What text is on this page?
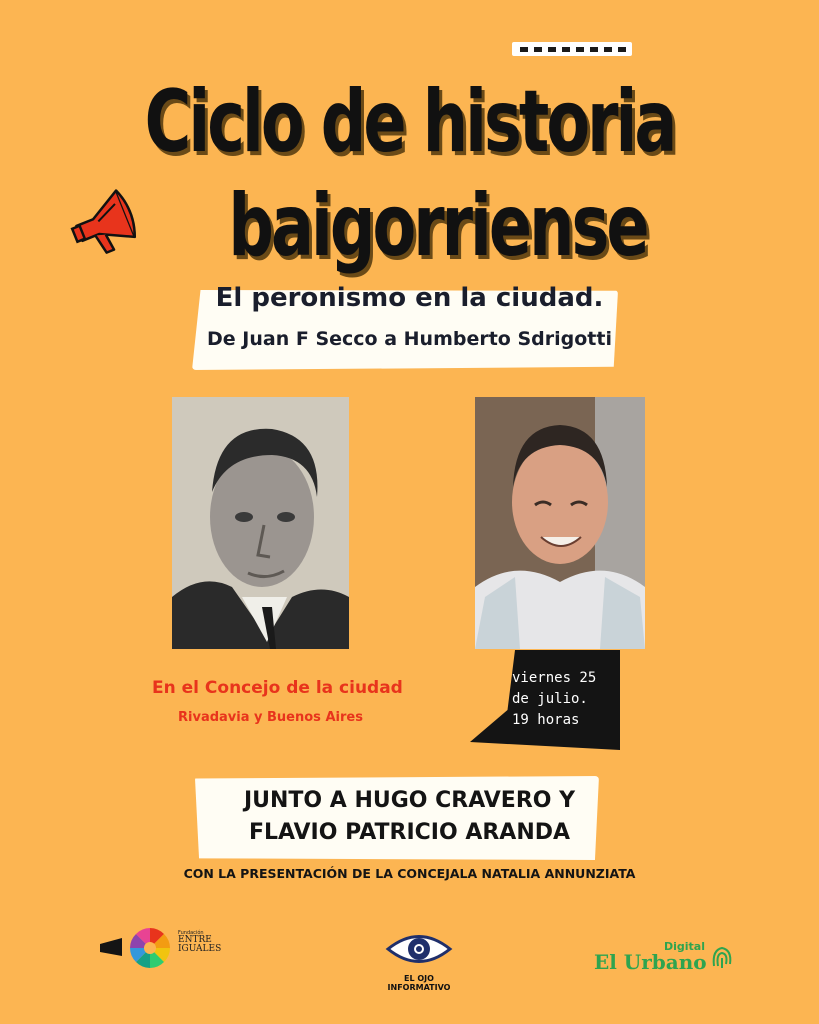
Ciclo de historia
baigorriense
El peronismo en la ciudad.
De Juan F Secco a Humberto Sdrigotti
En el Concejo de la ciudad
Rivadavia y Buenos Aires
viernes 25
de julio.
19 horas
JUNTO A HUGO CRAVERO Y
FLAVIO PATRICIO ARANDA
CON LA PRESENTACIÓN DE LA CONCEJALA NATALIA ANNUNZIATA
Fundación
ENTRE
IGUALES
EL OJO INFORMATIVO
Digital
El Urbano
